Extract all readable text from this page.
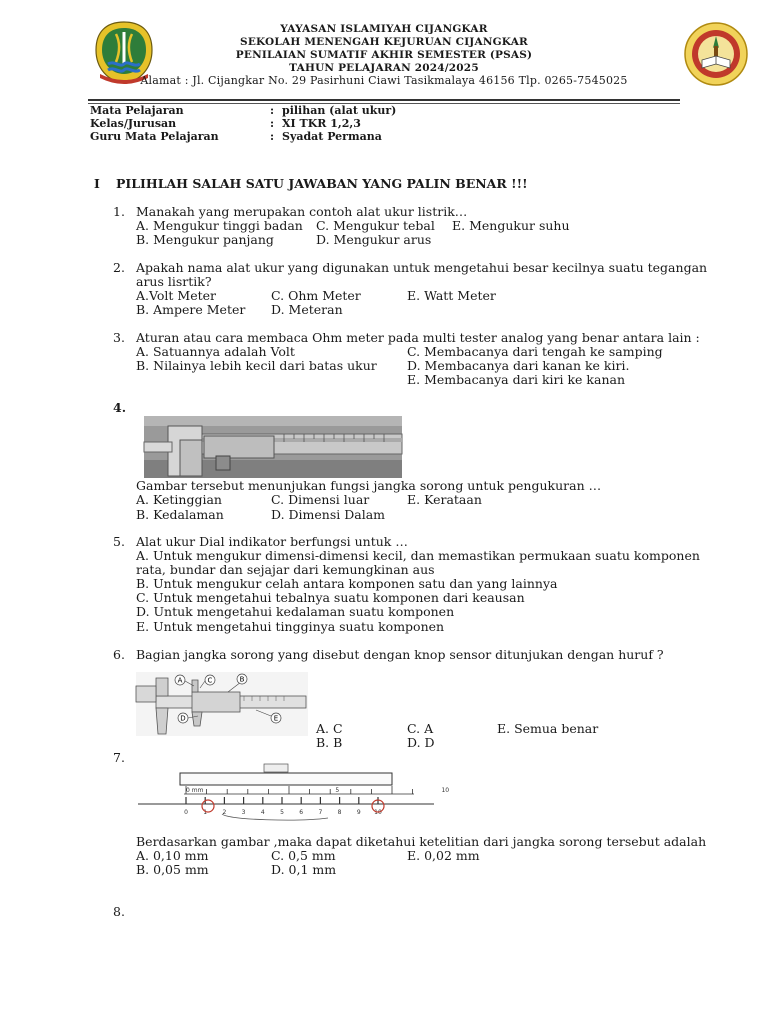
YAYASAN ISLAMIYAH CIJANGKAR
SEKOLAH MENENGAH KEJURUAN CIJANGKAR
PENILAIAN SUMATIF AKHIR SEMESTER (PSAS)
TAHUN PELAJARAN 2024/2025
Alamat : Jl. Cijangkar No. 29 Pasirhuni Ciawi Tasikmalaya 46156 Tlp. 0265-7545025
Mata Pelajaran	: pilihan (alat ukur)
Kelas/Jurusan	: XI TKR 1,2,3
Guru Mata Pelajaran	: Syadat Permana
I PILIHLAH SALAH SATU JAWABAN YANG PALIN BENAR !!!
1. Manakah yang merupakan contoh alat ukur listrik…
A. Mengukur tinggi badan C. Mengukur tebal E. Mengukur suhu
B. Mengukur panjang	D. Mengukur arus
2. Apakah nama alat ukur yang digunakan untuk mengetahui besar kecilnya suatu tegangan
arus lisrtik?
A.Volt Meter	C. Ohm Meter	E. Watt Meter
B. Ampere Meter D. Meteran
3. Aturan atau cara membaca Ohm meter pada multi tester analog yang benar antara lain :
A. Satuannya adalah Volt	C. Membacanya dari tengah ke samping
B. Nilainya lebih kecil dari batas ukur D. Membacanya dari kanan ke kiri.
E. Membacanya dari kiri ke kanan
4.
Gambar tersebut menunjukan fungsi jangka sorong untuk pengukuran …
A. Ketinggian	C. Dimensi luar	E. Kerataan
B. Kedalaman	D. Dimensi Dalam
5. Alat ukur Dial indikator berfungsi untuk …
A. Untuk mengukur dimensi-dimensi kecil, dan memastikan permukaan suatu komponen
rata, bundar dan sejajar dari kemungkinan aus
B. Untuk mengukur celah antara komponen satu dan yang lainnya
C. Untuk mengetahui tebalnya suatu komponen dari keausan
D. Untuk mengetahui kedalaman suatu komponen
E. Untuk mengetahui tingginya suatu komponen
6. Bagian jangka sorong yang disebut dengan knop sensor ditunjukan dengan huruf ?
A	C	B
D	E
A. C	C. A	E. Semua benar
B. B	D. D
7.
0 mm	5	10
0	1	2	3	4	5	6	7	8	9 10
Berdasarkan gambar ,maka dapat diketahui ketelitian dari jangka sorong tersebut adalah
A. 0,10 mm	C. 0,5 mm	E. 0,02 mm
B. 0,05 mm	D. 0,1 mm
8.
